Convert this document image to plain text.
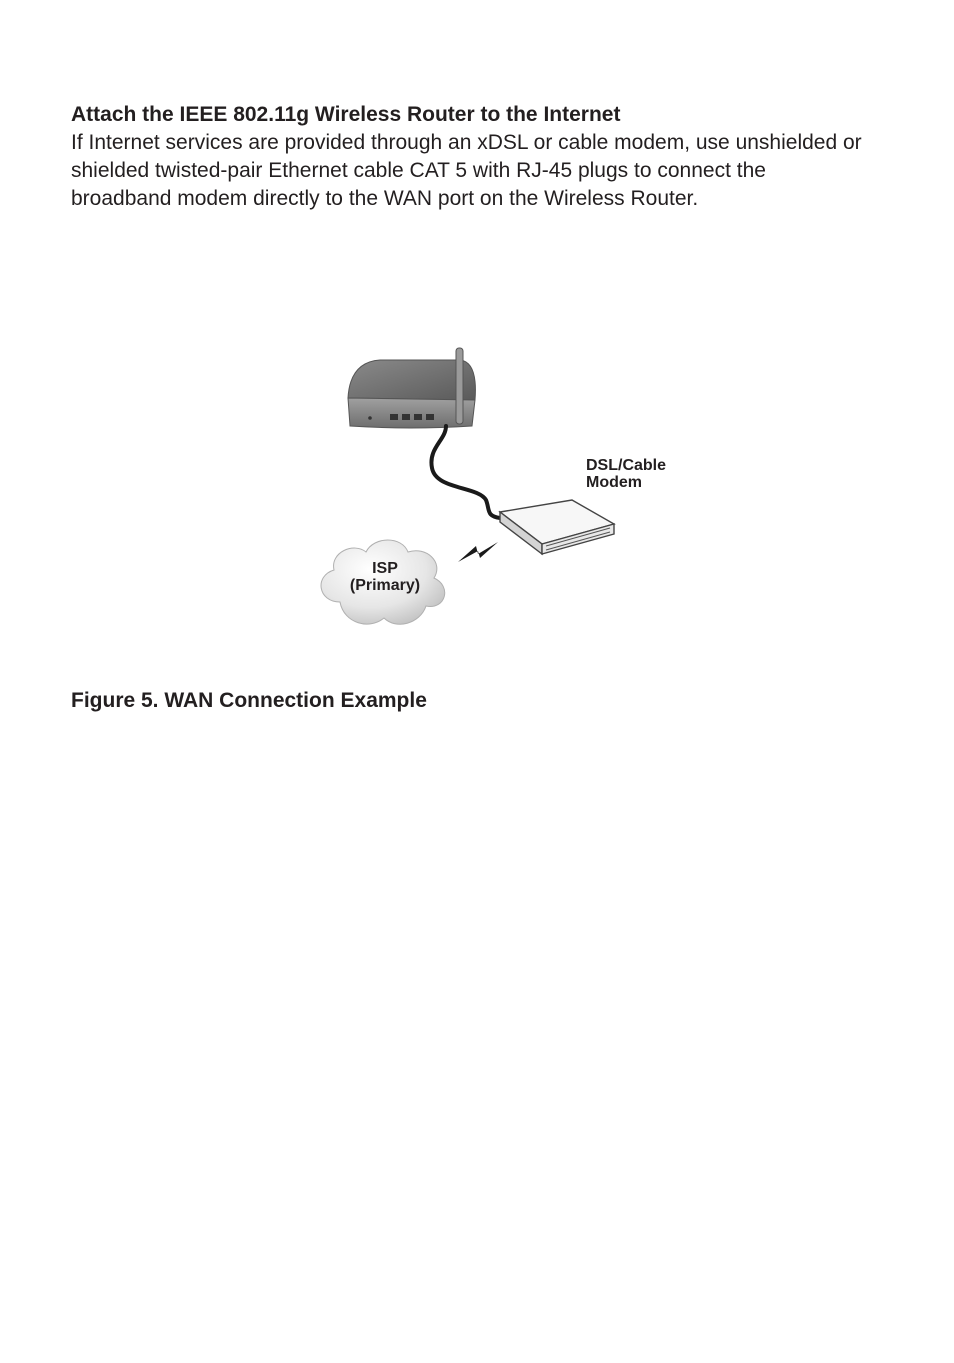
Attach the IEEE 802.11g Wireless Router to the Internet

If Internet services are provided through an xDSL or cable modem, use unshielded or shielded twisted-pair Ethernet cable CAT 5 with RJ-45 plugs to connect the broadband modem directly to the WAN port on the Wireless Router.

DSL/Cable
Modem
ISP
(Primary)
Figure 5. WAN Connection Example
